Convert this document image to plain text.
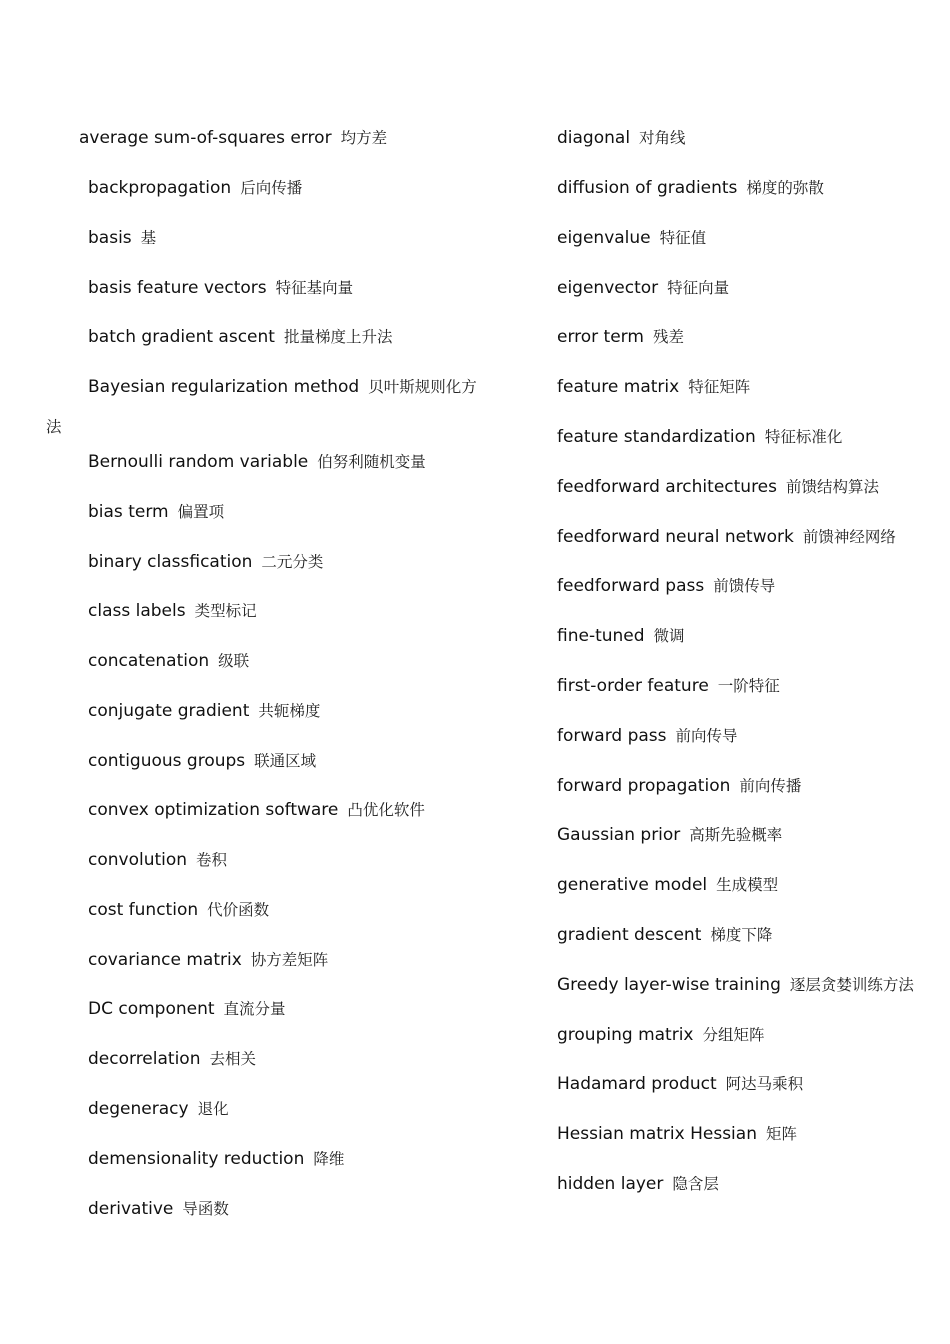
average sum-of-squares error 均方差
backpropagation 后向传播
basis 基
basis feature vectors 特征基向量
batch gradient ascent 批量梯度上升法
Bayesian regularization method 贝叶斯规则化方
法
Bernoulli random variable 伯努利随机变量
bias term 偏置项
binary classfication 二元分类
class labels 类型标记
concatenation 级联
conjugate gradient 共轭梯度
contiguous groups 联通区域
convex optimization software 凸优化软件
convolution 卷积
cost function 代价函数
covariance matrix 协方差矩阵
DC component 直流分量
decorrelation 去相关
degeneracy 退化
demensionality reduction 降维
derivative 导函数
diagonal 对角线
diffusion of gradients 梯度的弥散
eigenvalue 特征值
eigenvector 特征向量
error term 残差
feature matrix 特征矩阵
feature standardization 特征标准化
feedforward architectures 前馈结构算法
feedforward neural network 前馈神经网络
feedforward pass 前馈传导
fine-tuned 微调
first-order feature 一阶特征
forward pass 前向传导
forward propagation 前向传播
Gaussian prior 高斯先验概率
generative model 生成模型
gradient descent 梯度下降
Greedy layer-wise training 逐层贪婪训练方法
grouping matrix 分组矩阵
Hadamard product 阿达马乘积
Hessian matrix Hessian 矩阵
hidden layer 隐含层
